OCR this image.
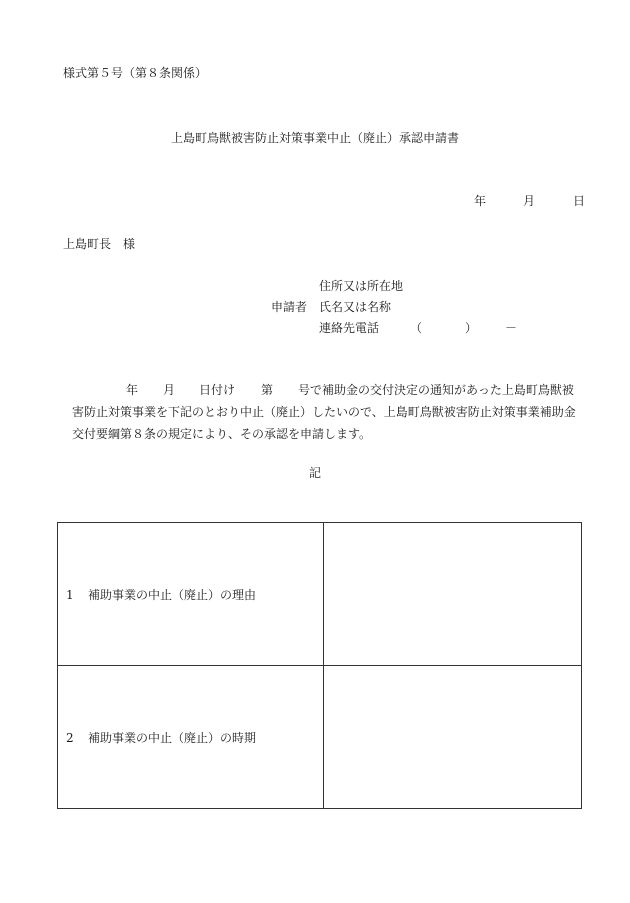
様式第５号（第８条関係）
上島町鳥獣被害防止対策事業中止（廃止）承認申請書
年	月	日
上島町長　様
申請者
住所又は所在地
氏名又は名称
連絡先電話	（	） －
年 月 日付け 第 号で補助金の交付決定の通知があった上島町鳥獣被
害防止対策事業を下記のとおり中止（廃止）したいので、上島町鳥獣被害防止対策事業補助金
交付要綱第８条の規定により、その承認を申請します。
記
1 補助事業の中止（廃止）の理由	
2 補助事業の中止（廃止）の時期	
